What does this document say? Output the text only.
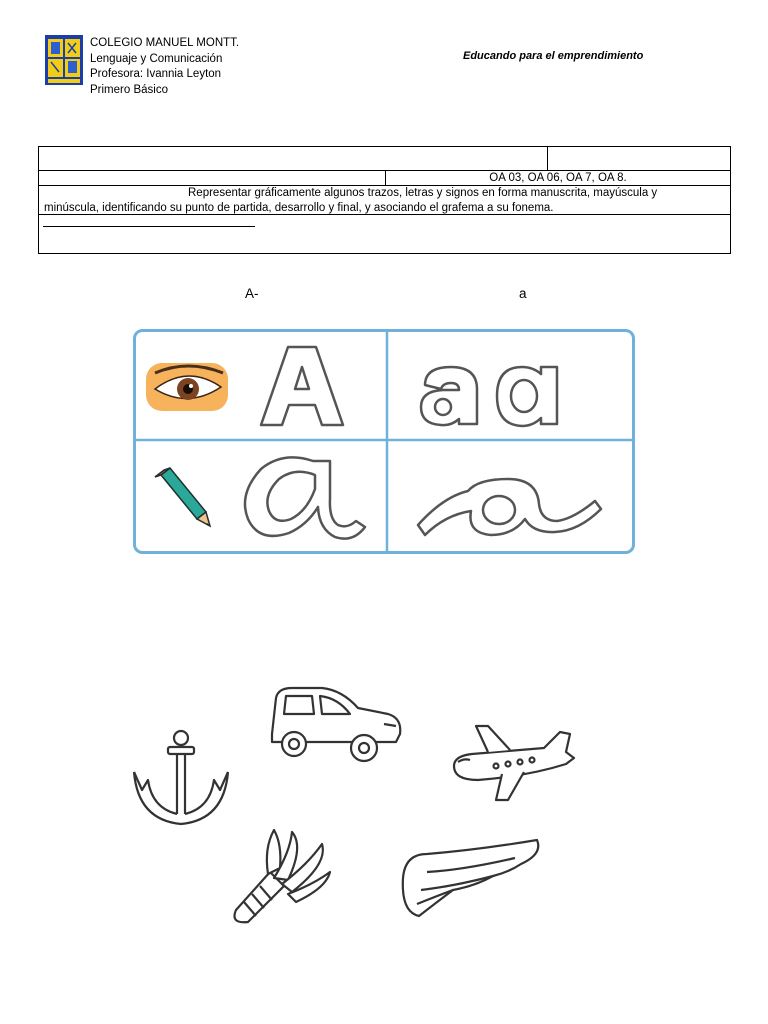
COLEGIO MANUEL MONTT.
Lenguaje y Comunicación
Profesora: Ivannia Leyton
Primero Básico
Educando para el emprendimiento
OA 03, OA 06, OA 7, OA 8.
Representar gráficamente algunos trazos, letras y signos en forma manuscrita, mayúscula y minúscula, identificando su punto de partida, desarrollo y final, y asociando el grafema a su fonema.
A-	a
